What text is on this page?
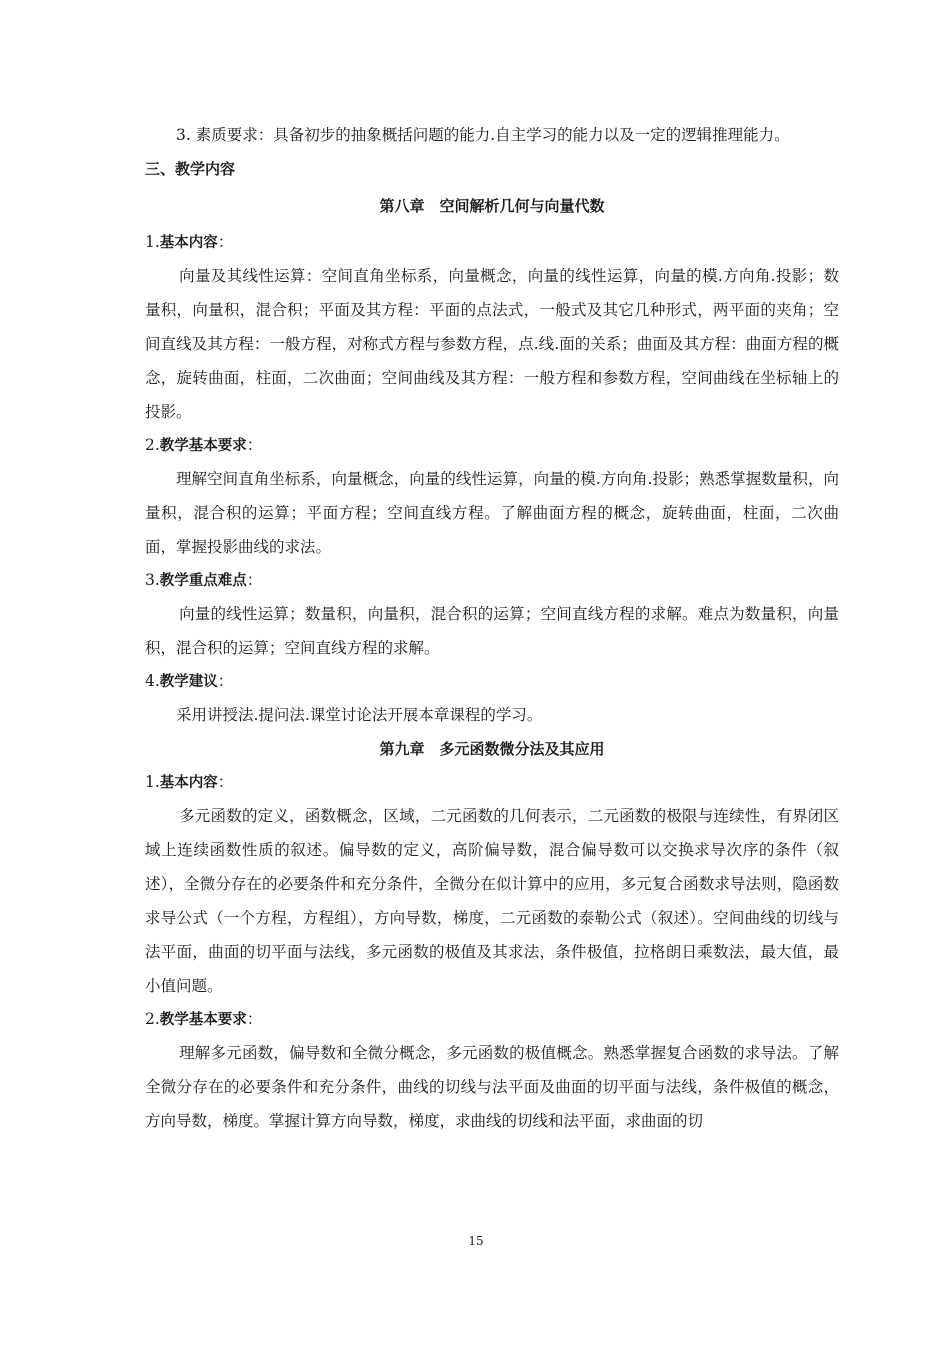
3. 素质要求：具备初步的抽象概括问题的能力.自主学习的能力以及一定的逻辑推理能力。

三、教学内容

第八章　空间解析几何与向量代数

1.基本内容：

向量及其线性运算：空间直角坐标系，向量概念，向量的线性运算，向量的模.方向角.投影；数量积，向量积，混合积；平面及其方程：平面的点法式，一般式及其它几种形式，两平面的夹角；空间直线及其方程：一般方程，对称式方程与参数方程，点.线.面的关系；曲面及其方程：曲面方程的概念，旋转曲面，柱面，二次曲面；空间曲线及其方程：一般方程和参数方程，空间曲线在坐标轴上的投影。

2.教学基本要求：

理解空间直角坐标系，向量概念，向量的线性运算，向量的模.方向角.投影；熟悉掌握数量积，向量积，混合积的运算；平面方程；空间直线方程。了解曲面方程的概念，旋转曲面，柱面，二次曲面，掌握投影曲线的求法。

3.教学重点难点：

向量的线性运算；数量积，向量积，混合积的运算；空间直线方程的求解。难点为数量积，向量积，混合积的运算；空间直线方程的求解。

4.教学建议：

采用讲授法.提问法.课堂讨论法开展本章课程的学习。

第九章　多元函数微分法及其应用

1.基本内容：

多元函数的定义，函数概念，区域，二元函数的几何表示，二元函数的极限与连续性，有界闭区域上连续函数性质的叙述。偏导数的定义，高阶偏导数，混合偏导数可以交换求导次序的条件（叙述），全微分存在的必要条件和充分条件，全微分在似计算中的应用，多元复合函数求导法则，隐函数求导公式（一个方程，方程组），方向导数，梯度，二元函数的泰勒公式（叙述）。空间曲线的切线与法平面，曲面的切平面与法线，多元函数的极值及其求法，条件极值，拉格朗日乘数法，最大值，最小值问题。

2.教学基本要求：

理解多元函数，偏导数和全微分概念，多元函数的极值概念。熟悉掌握复合函数的求导法。了解全微分存在的必要条件和充分条件，曲线的切线与法平面及曲面的切平面与法线，条件极值的概念，方向导数，梯度。掌握计算方向导数，梯度，求曲线的切线和法平面，求曲面的切

15
